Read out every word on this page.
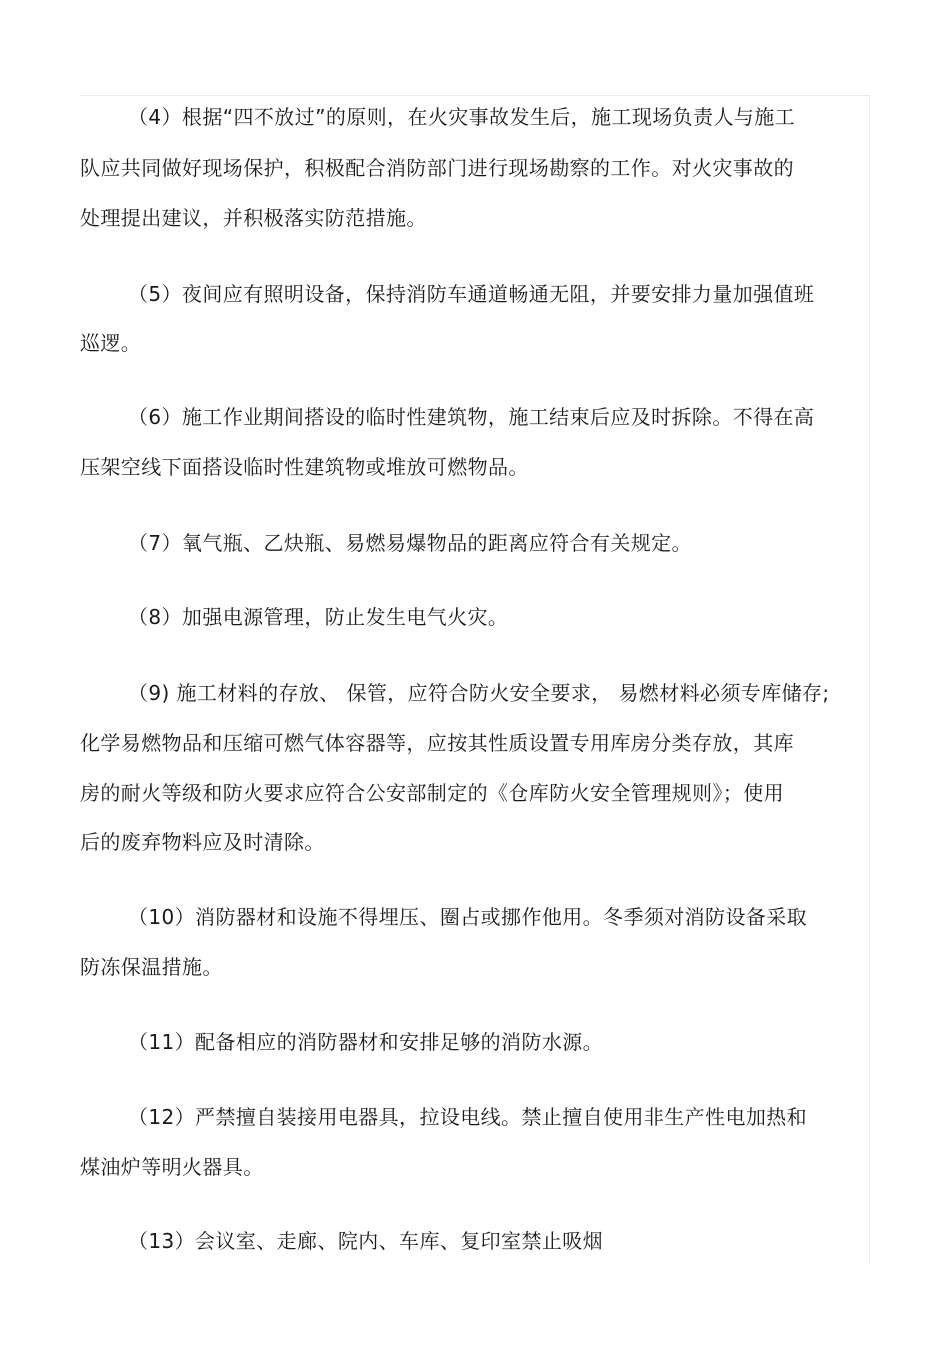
（4）根据“四不放过”的原则，在火灾事故发生后，施工现场负责人与施工
队应共同做好现场保护，积极配合消防部门进行现场勘察的工作。对火灾事故的
处理提出建议，并积极落实防范措施。
（5）夜间应有照明设备，保持消防车通道畅通无阻，并要安排力量加强值班
巡逻。
（6）施工作业期间搭设的临时性建筑物，施工结束后应及时拆除。不得在高
压架空线下面搭设临时性建筑物或堆放可燃物品。
（7）氧气瓶、乙炔瓶、易燃易爆物品的距离应符合有关规定。
（8）加强电源管理，防止发生电气火灾。
（9) 施工材料的存放、 保管，应符合防火安全要求， 易燃材料必须专库储存;
化学易燃物品和压缩可燃气体容器等，应按其性质设置专用库房分类存放，其库
房的耐火等级和防火要求应符合公安部制定的《仓库防火安全管理规则》；使用
后的废弃物料应及时清除。
（10）消防器材和设施不得埋压、圈占或挪作他用。冬季须对消防设备采取
防冻保温措施。
（11）配备相应的消防器材和安排足够的消防水源。
（12）严禁擅自装接用电器具，拉设电线。禁止擅自使用非生产性电加热和
煤油炉等明火器具。
（13）会议室、走廊、院内、车库、复印室禁止吸烟
